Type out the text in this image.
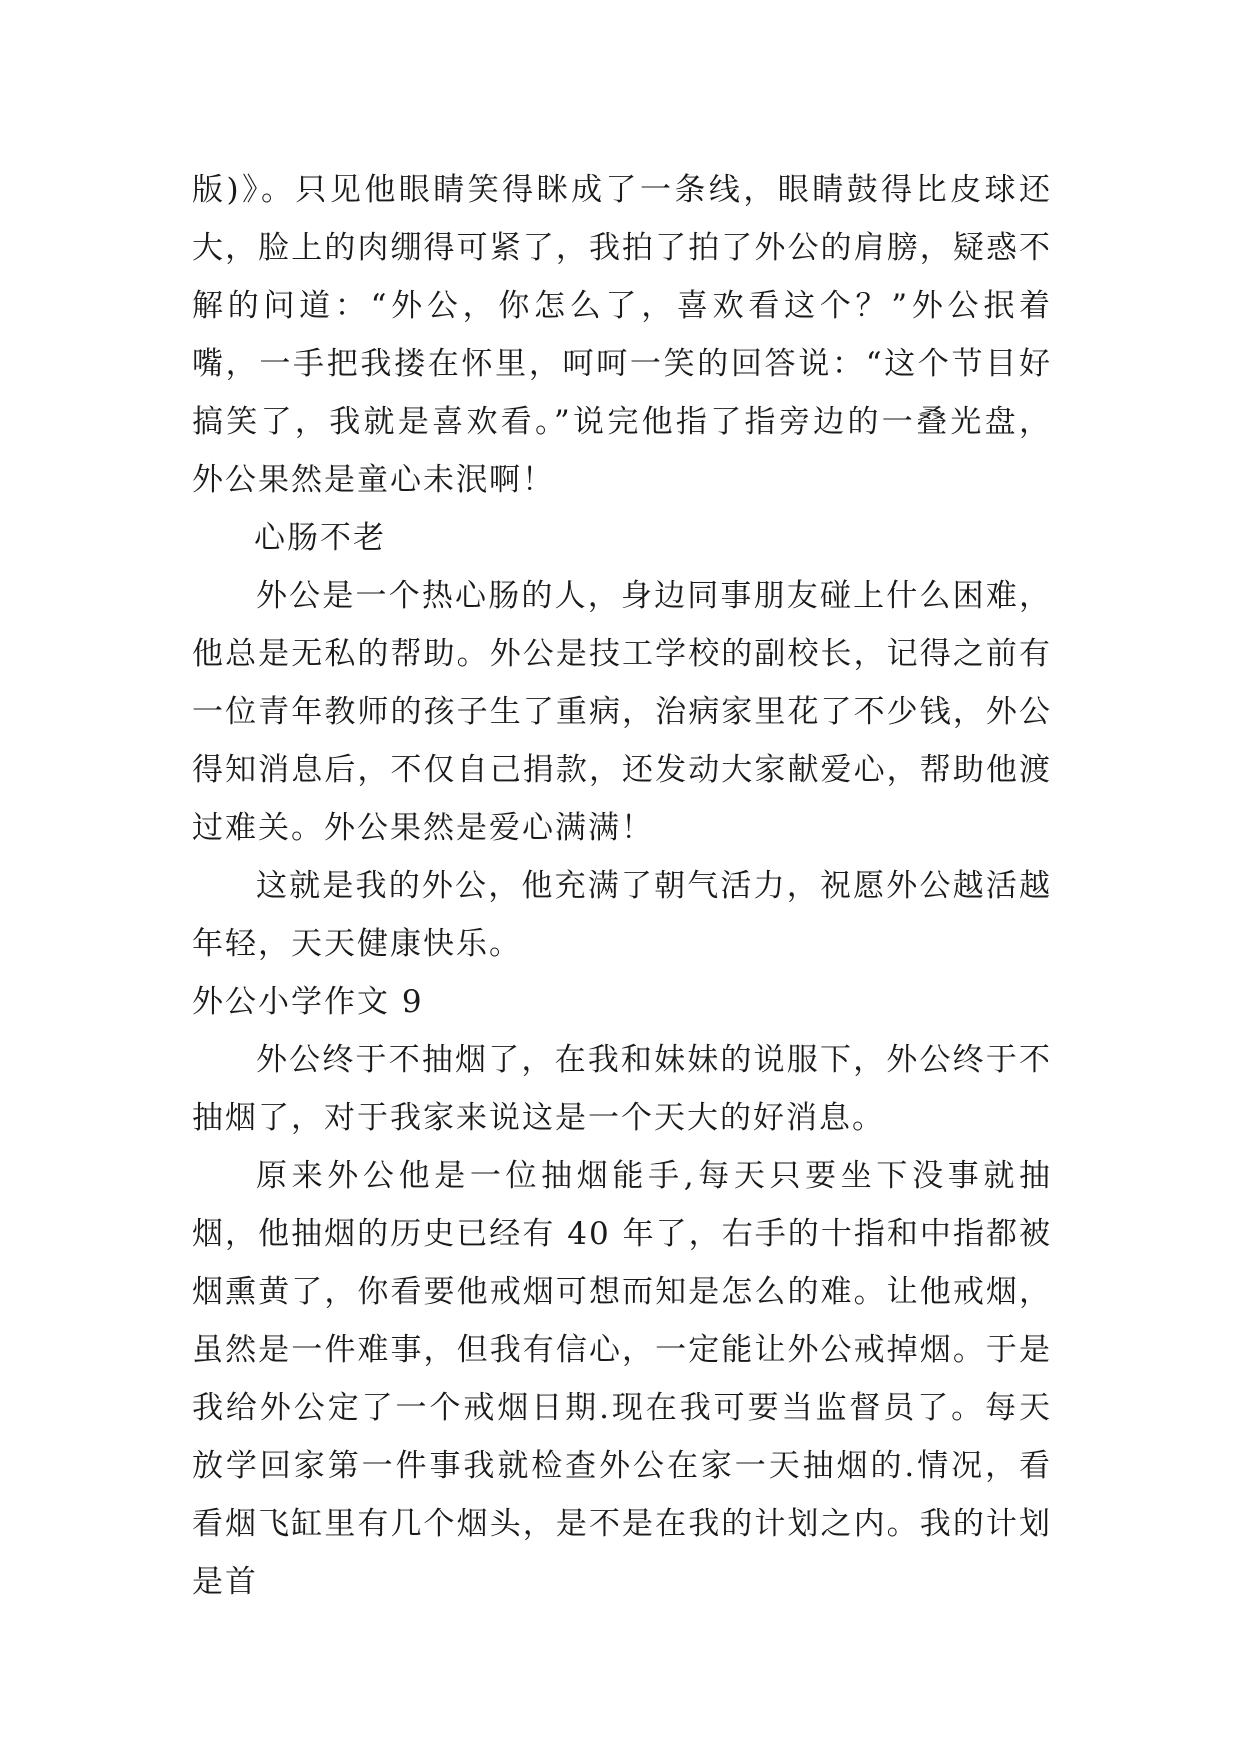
版)》。只见他眼睛笑得眯成了一条线，眼睛鼓得比皮球还大，脸上的肉绷得可紧了，我拍了拍了外公的肩膀，疑惑不解的问道：“外公，你怎么了，喜欢看这个？”外公抿着嘴，一手把我搂在怀里，呵呵一笑的回答说：“这个节目好搞笑了，我就是喜欢看。”说完他指了指旁边的一叠光盘，外公果然是童心未泯啊！

心肠不老

外公是一个热心肠的人，身边同事朋友碰上什么困难，他总是无私的帮助。外公是技工学校的副校长，记得之前有一位青年教师的孩子生了重病，治病家里花了不少钱，外公得知消息后，不仅自己捐款，还发动大家献爱心，帮助他渡过难关。外公果然是爱心满满！

这就是我的外公，他充满了朝气活力，祝愿外公越活越年轻，天天健康快乐。

外公小学作文 9

外公终于不抽烟了，在我和妹妹的说服下，外公终于不抽烟了，对于我家来说这是一个天大的好消息。

原来外公他是一位抽烟能手,每天只要坐下没事就抽烟，他抽烟的历史已经有 40 年了，右手的十指和中指都被烟熏黄了，你看要他戒烟可想而知是怎么的难。让他戒烟，虽然是一件难事，但我有信心，一定能让外公戒掉烟。于是我给外公定了一个戒烟日期.现在我可要当监督员了。每天放学回家第一件事我就检查外公在家一天抽烟的.情况，看看烟飞缸里有几个烟头，是不是在我的计划之内。我的计划是首
